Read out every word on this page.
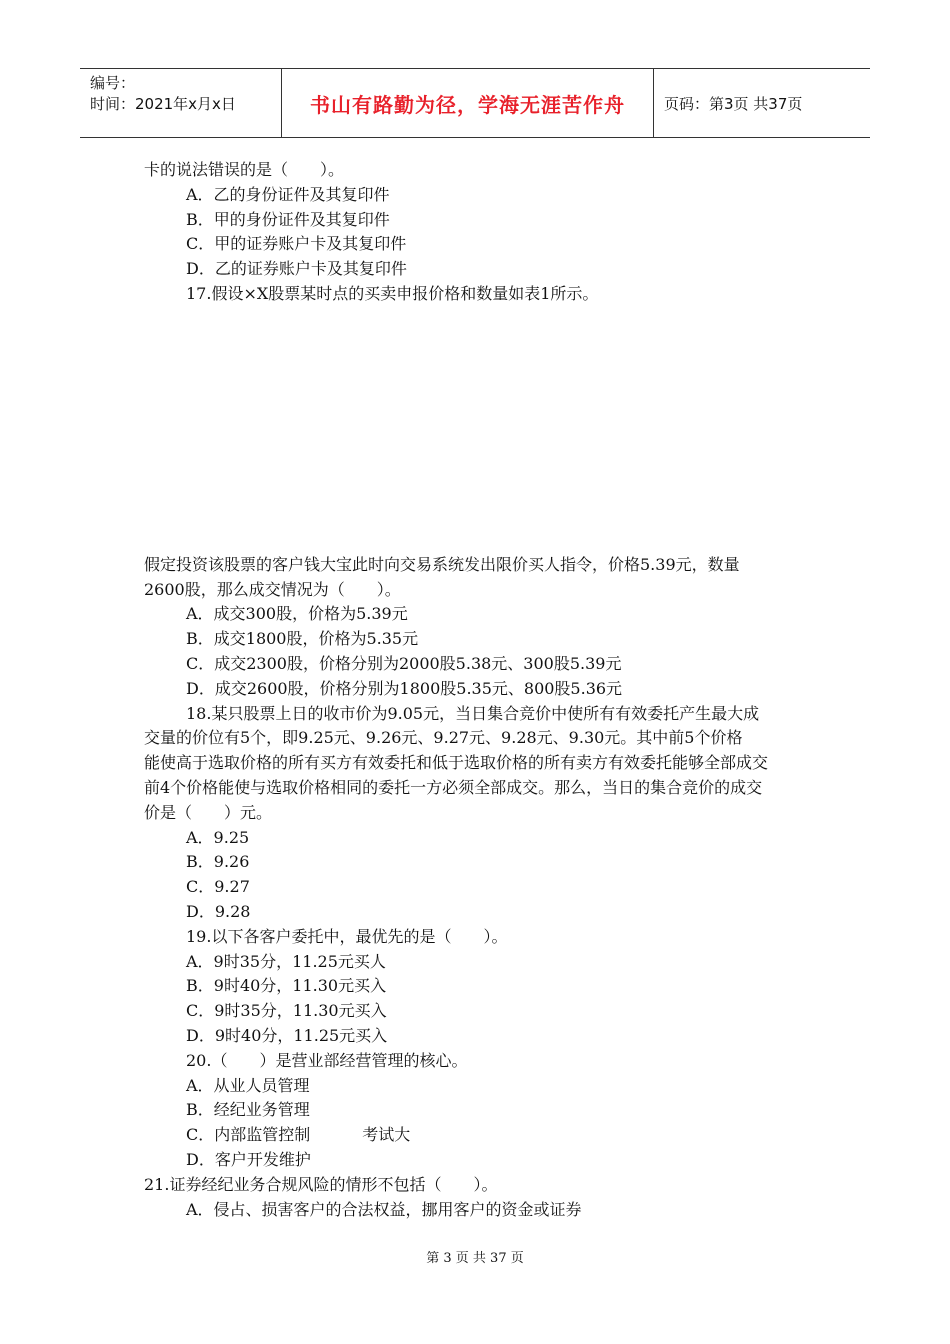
编号：
时间：2021年x月x日	书山有路勤为径，学海无涯苦作舟	页码：第3页 共37页

卡的说法错误的是（　　）。

A．乙的身份证件及其复印件

B．甲的身份证件及其复印件

C．甲的证券账户卡及其复印件

D．乙的证券账户卡及其复印件

17.假设×X股票某时点的买卖申报价格和数量如表1所示。

假定投资该股票的客户钱大宝此时向交易系统发出限价买人指令，价格5.39元，数量

2600股，那么成交情况为（　　）。

A．成交300股，价格为5.39元

B．成交1800股，价格为5.35元

C．成交2300股，价格分别为2000股5.38元、300股5.39元

D．成交2600股，价格分别为1800股5.35元、800股5.36元

18.某只股票上日的收市价为9.05元，当日集合竞价中使所有有效委托产生最大成

交量的价位有5个，即9.25元、9.26元、9.27元、9.28元、9.30元。其中前5个价格

能使高于选取价格的所有买方有效委托和低于选取价格的所有卖方有效委托能够全部成交

前4个价格能使与选取价格相同的委托一方必须全部成交。那么，当日的集合竞价的成交

价是（　　）元。

A．9.25

B．9.26

C．9.27

D．9.28

19.以下各客户委托中，最优先的是（　　）。

A．9时35分，11.25元买人

B．9时40分，11.30元买入

C．9时35分，11.30元买入

D．9时40分，11.25元买入

20.（　　）是营业部经营管理的核心。

A．从业人员管理

B．经纪业务管理

C．内部监管控制	考试大

D．客户开发维护

21.证券经纪业务合规风险的情形不包括（　　）。

A．侵占、损害客户的合法权益，挪用客户的资金或证券

第 3 页 共 37 页
